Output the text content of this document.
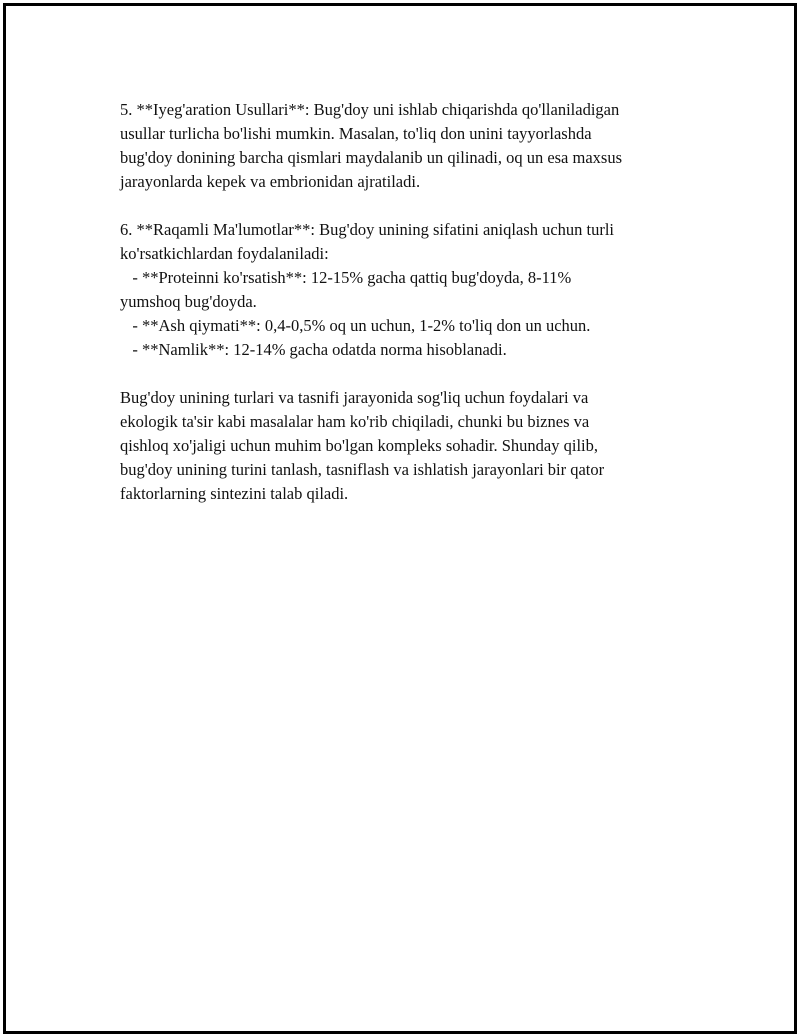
5. **Iyeg'aration Usullari**: Bug'doy uni ishlab chiqarishda qo'llaniladigan
usullar turlicha bo'lishi mumkin. Masalan, to'liq don unini tayyorlashda
bug'doy donining barcha qismlari maydalanib un qilinadi, oq un esa maxsus
jarayonlarda kepek va embrionidan ajratiladi.

6. **Raqamli Ma'lumotlar**: Bug'doy unining sifatini aniqlash uchun turli
ko'rsatkichlardan foydalaniladi:
- **Proteinni ko'rsatish**: 12-15% gacha qattiq bug'doyda, 8-11%
yumshoq bug'doyda.
- **Ash qiymati**: 0,4-0,5% oq un uchun, 1-2% to'liq don un uchun.
- **Namlik**: 12-14% gacha odatda norma hisoblanadi.

Bug'doy unining turlari va tasnifi jarayonida sog'liq uchun foydalari va
ekologik ta'sir kabi masalalar ham ko'rib chiqiladi, chunki bu biznes va
qishloq xo'jaligi uchun muhim bo'lgan kompleks sohadir. Shunday qilib,
bug'doy unining turini tanlash, tasniflash va ishlatish jarayonlari bir qator
faktorlarning sintezini talab qiladi.
